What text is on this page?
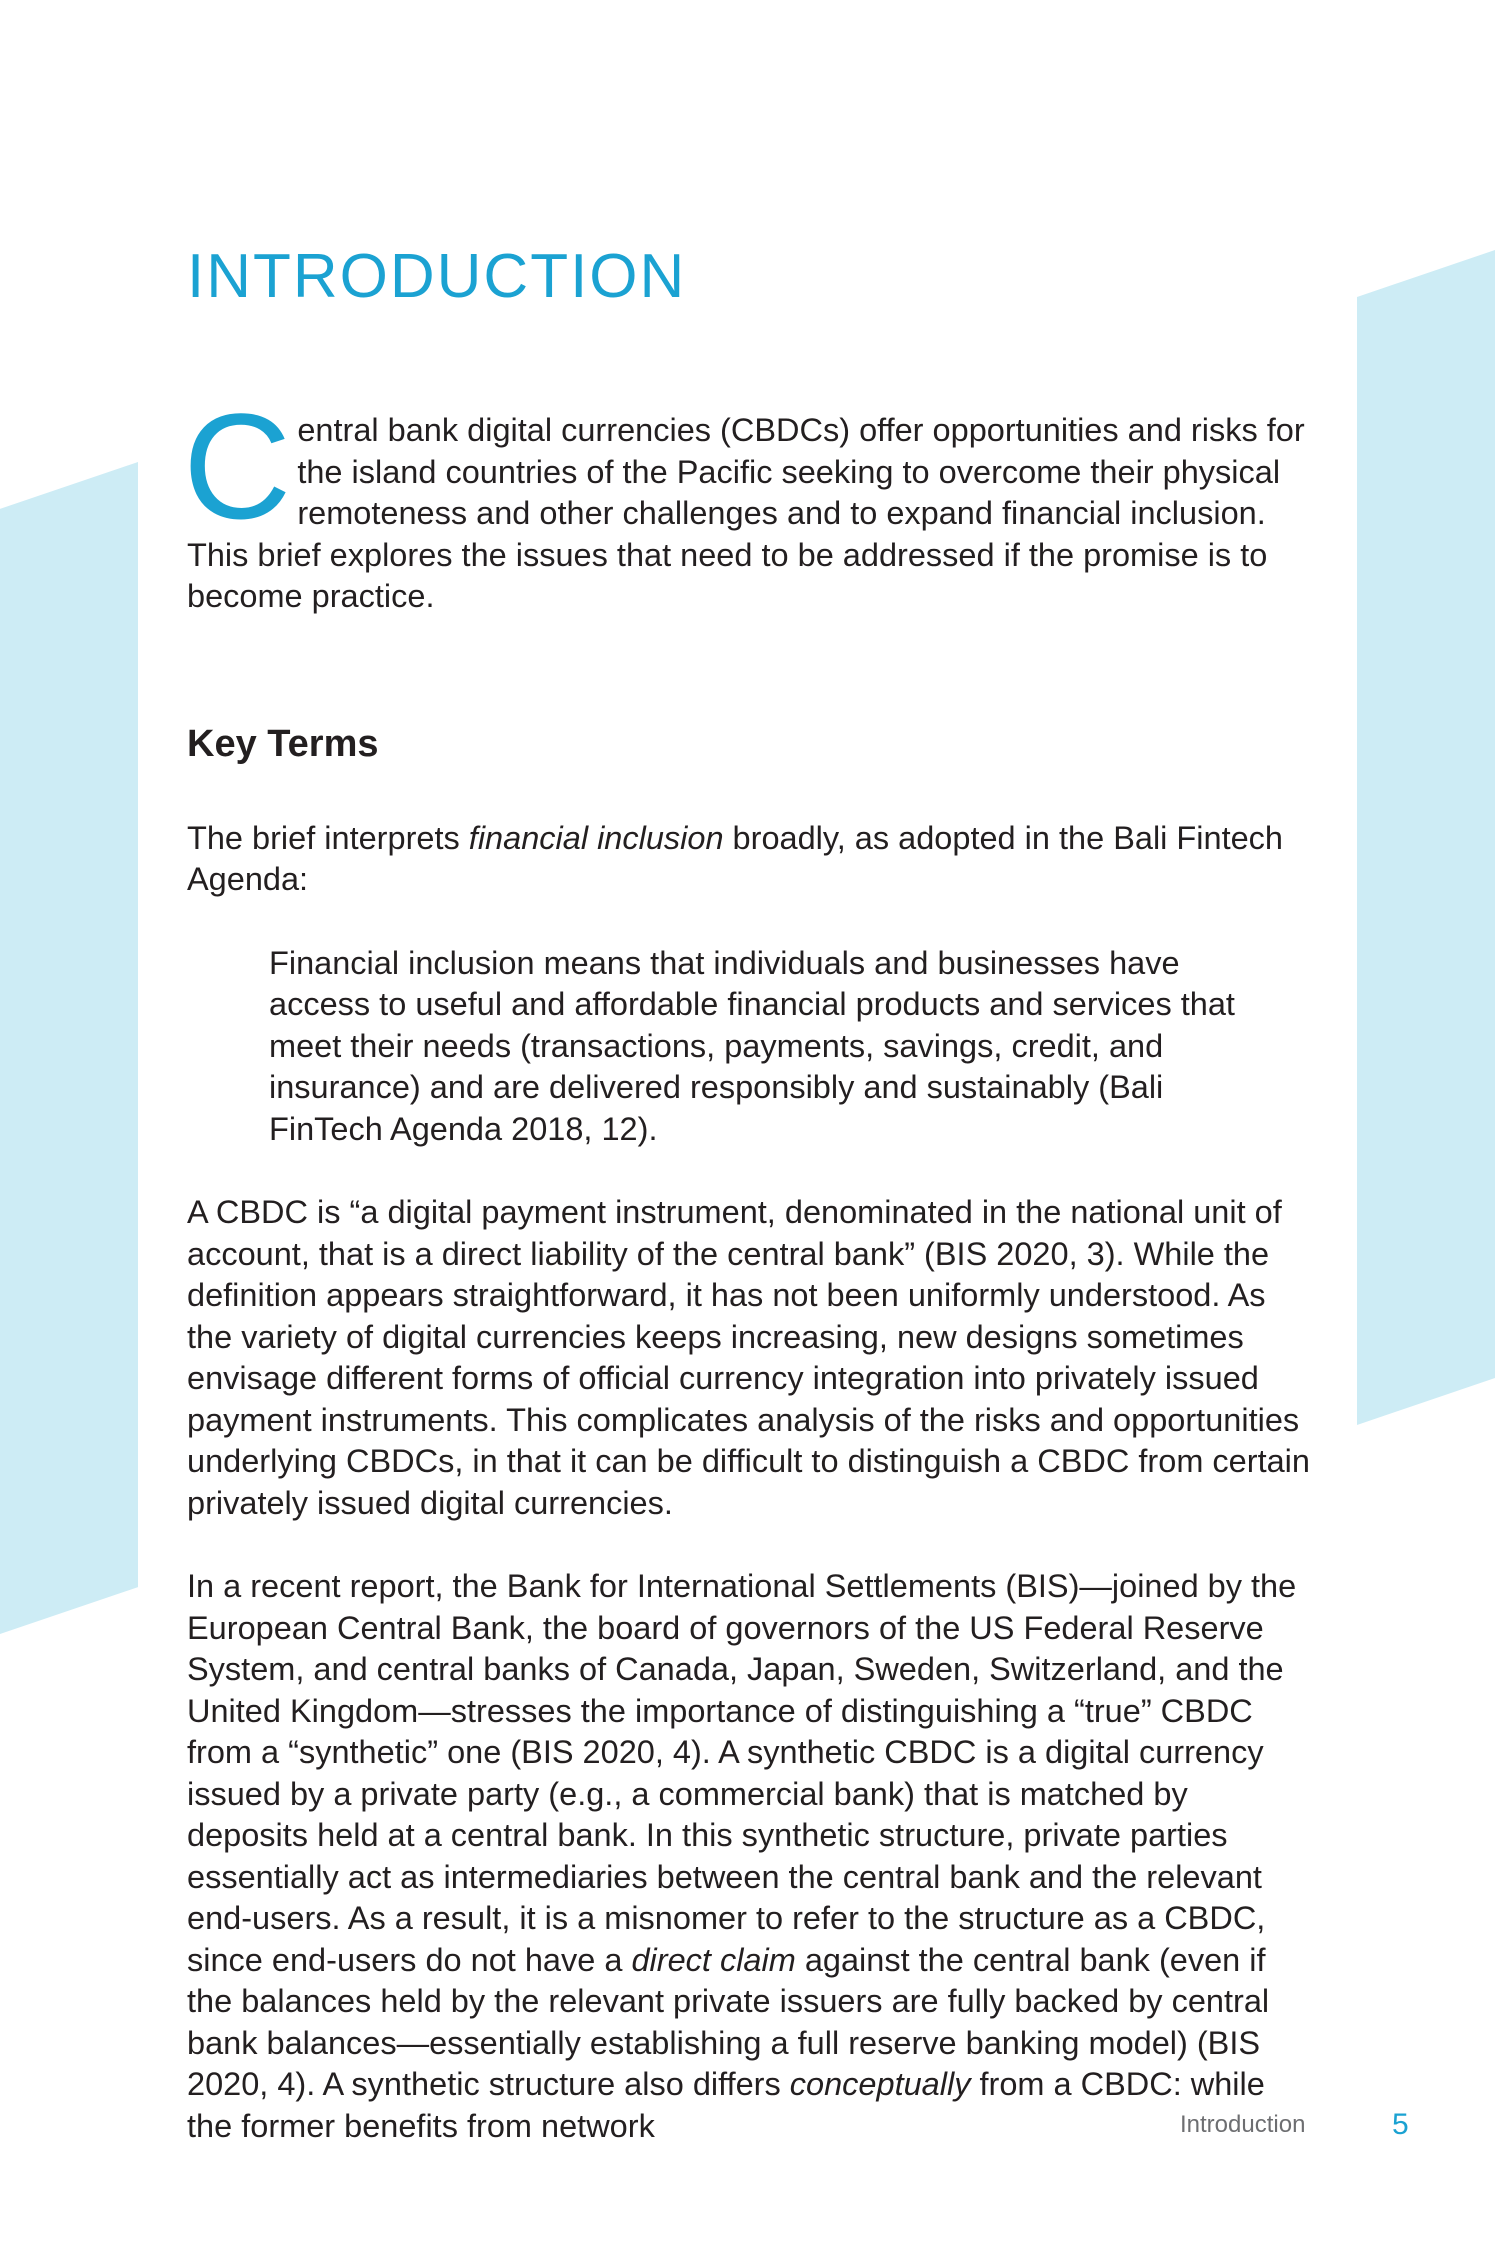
INTRODUCTION

Central bank digital currencies (CBDCs) offer opportunities and risks for the island countries of the Pacific seeking to overcome their physical remoteness and other challenges and to expand financial inclusion. This brief explores the issues that need to be addressed if the promise is to become practice.

Key Terms

The brief interprets financial inclusion broadly, as adopted in the Bali Fintech Agenda:

Financial inclusion means that individuals and businesses have access to useful and affordable financial products and services that meet their needs (transactions, payments, savings, credit, and insurance) and are delivered responsibly and sustainably (Bali FinTech Agenda 2018, 12).

A CBDC is “a digital payment instrument, denominated in the national unit of account, that is a direct liability of the central bank” (BIS 2020, 3). While the definition appears straightforward, it has not been uniformly understood. As the variety of digital currencies keeps increasing, new designs sometimes envisage different forms of official currency integration into privately issued payment instruments. This complicates analysis of the risks and opportunities underlying CBDCs, in that it can be difficult to distinguish a CBDC from certain privately issued digital currencies.

In a recent report, the Bank for International Settlements (BIS)—joined by the European Central Bank, the board of governors of the US Federal Reserve System, and central banks of Canada, Japan, Sweden, Switzerland, and the United Kingdom—stresses the importance of distinguishing a “true” CBDC from a “synthetic” one (BIS 2020, 4). A synthetic CBDC is a digital currency issued by a private party (e.g., a commercial bank) that is matched by deposits held at a central bank. In this synthetic structure, private parties essentially act as intermediaries between the central bank and the relevant end-users. As a result, it is a misnomer to refer to the structure as a CBDC, since end-users do not have a direct claim against the central bank (even if the balances held by the relevant private issuers are fully backed by central bank balances—essentially establishing a full reserve banking model) (BIS 2020, 4). A synthetic structure also differs conceptually from a CBDC: while the former benefits from network	Introduction	5
